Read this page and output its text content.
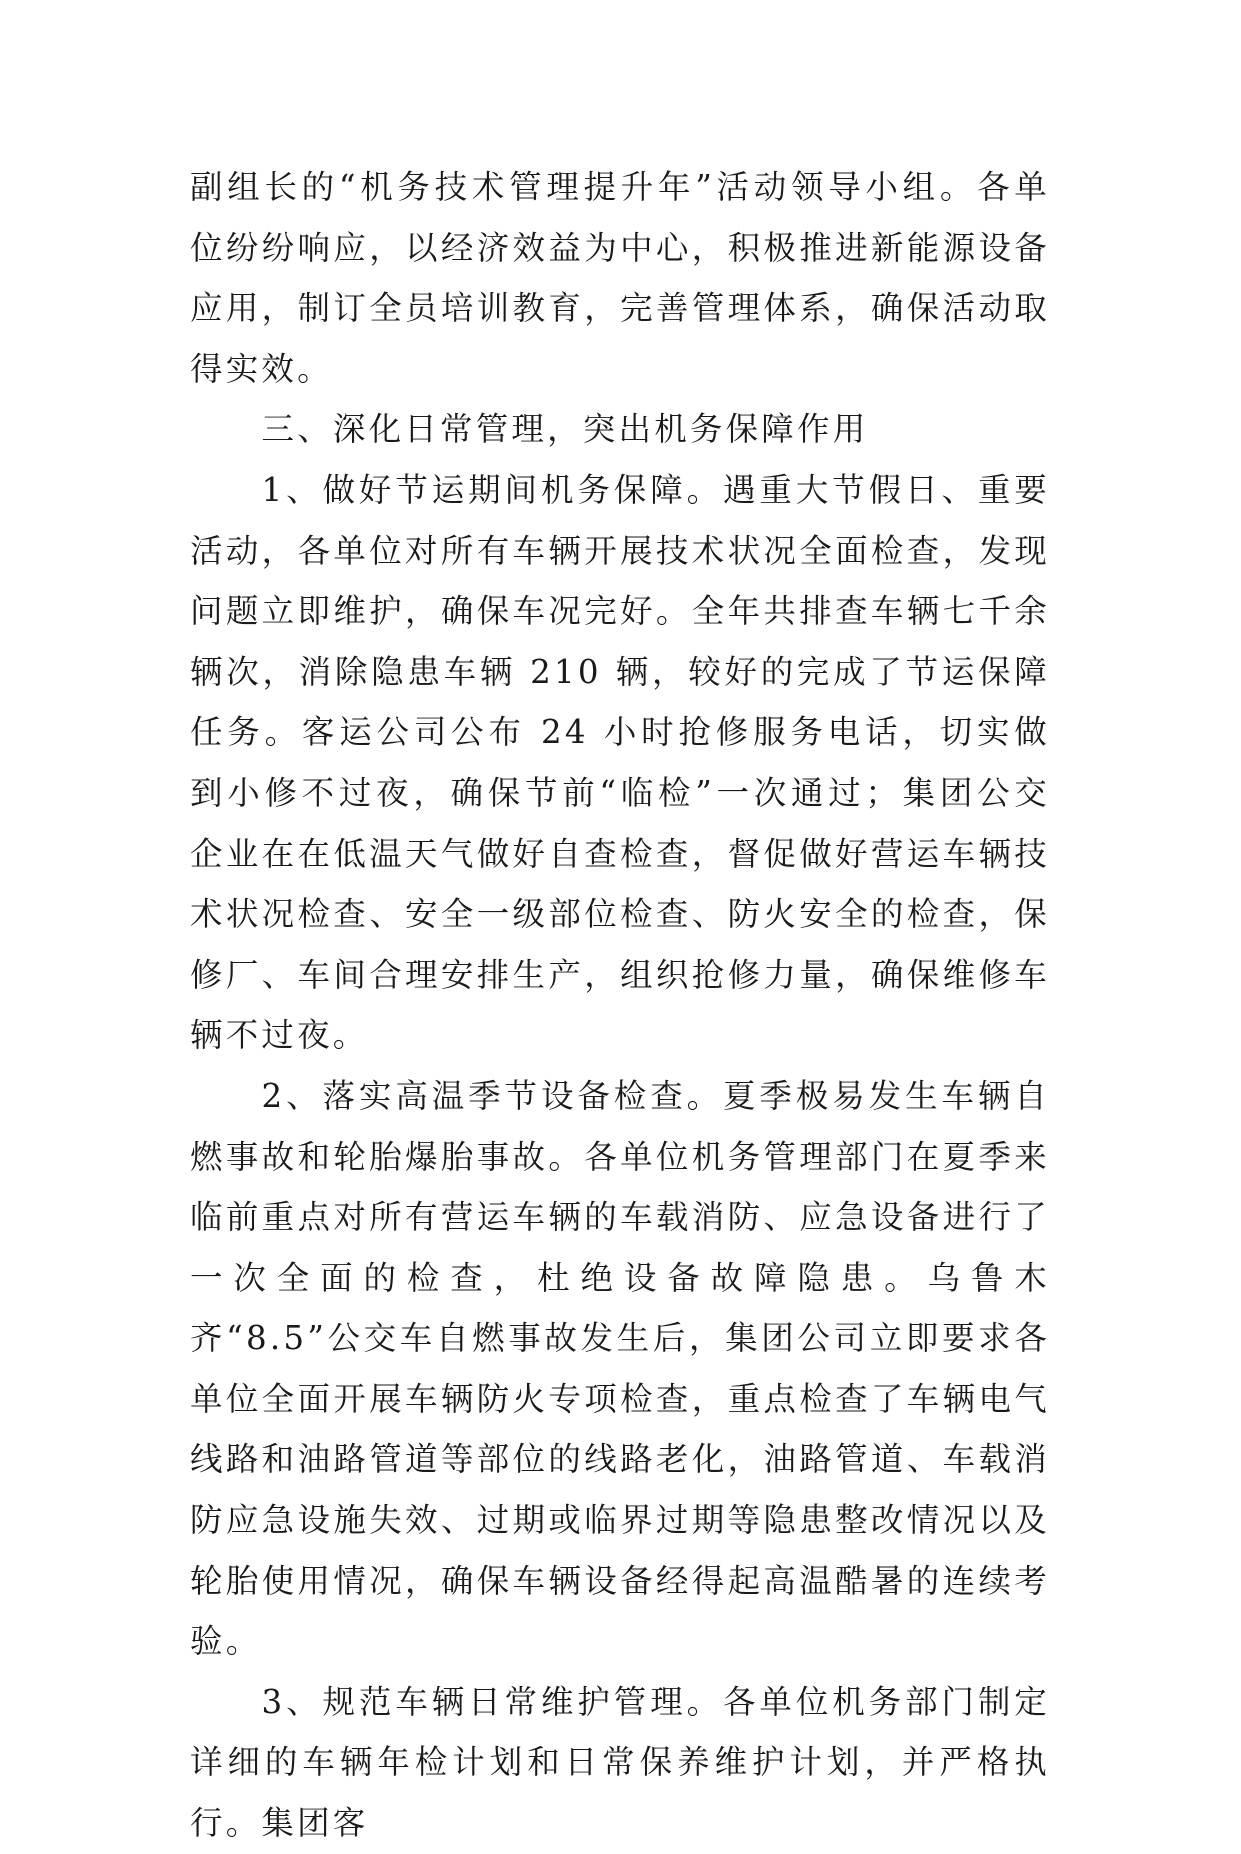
副组长的“机务技术管理提升年”活动领导小组。各单位纷纷响应，以经济效益为中心，积极推进新能源设备应用，制订全员培训教育，完善管理体系，确保活动取得实效。

三、深化日常管理，突出机务保障作用

1、做好节运期间机务保障。遇重大节假日、重要活动，各单位对所有车辆开展技术状况全面检查，发现问题立即维护，确保车况完好。全年共排查车辆七千余辆次，消除隐患车辆 210 辆，较好的完成了节运保障任务。客运公司公布 24 小时抢修服务电话，切实做到小修不过夜，确保节前“临检”一次通过；集团公交企业在在低温天气做好自查检查，督促做好营运车辆技术状况检查、安全一级部位检查、防火安全的检查，保修厂、车间合理安排生产，组织抢修力量，确保维修车辆不过夜。

2、落实高温季节设备检查。夏季极易发生车辆自燃事故和轮胎爆胎事故。各单位机务管理部门在夏季来临前重点对所有营运车辆的车载消防、应急设备进行了一次全面的检查，杜绝设备故障隐患。乌鲁木齐“8.5”公交车自燃事故发生后，集团公司立即要求各单位全面开展车辆防火专项检查，重点检查了车辆电气线路和油路管道等部位的线路老化，油路管道、车载消防应急设施失效、过期或临界过期等隐患整改情况以及轮胎使用情况，确保车辆设备经得起高温酷暑的连续考验。

3、规范车辆日常维护管理。各单位机务部门制定详细的车辆年检计划和日常保养维护计划，并严格执行。集团客
